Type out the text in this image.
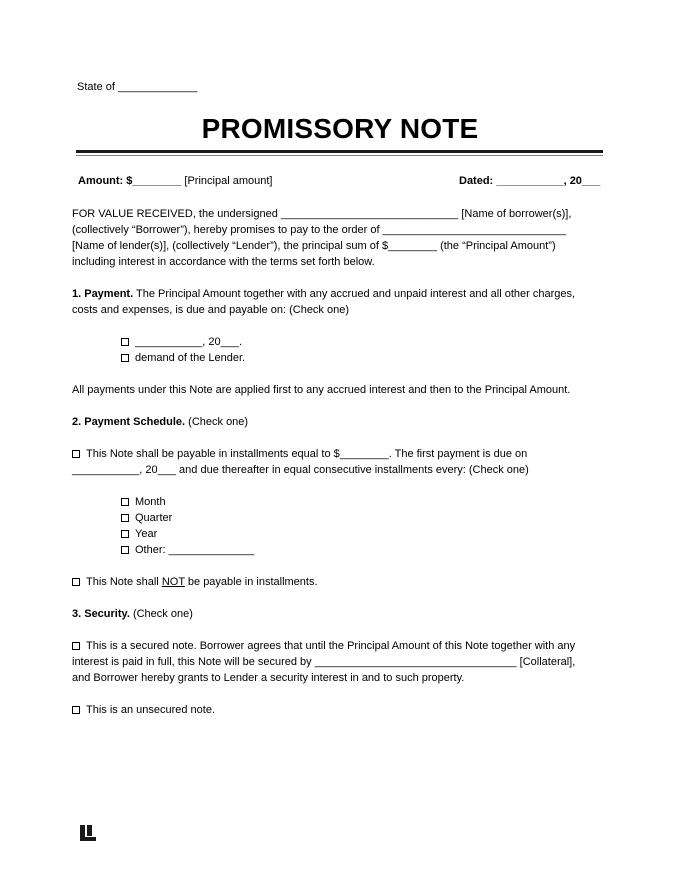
State of _____________
PROMISSORY NOTE
Amount: $________ [Principal amount]	Dated: ___________, 20___
FOR VALUE RECEIVED, the undersigned _____________________________ [Name of borrower(s)],
(collectively “Borrower”), hereby promises to pay to the order of ______________________________
[Name of lender(s)], (collectively “Lender”), the principal sum of $________ (the “Principal Amount”)
including interest in accordance with the terms set forth below.
1. Payment. The Principal Amount together with any accrued and unpaid interest and all other charges,
costs and expenses, is due and payable on: (Check one)
___________, 20___.
demand of the Lender.
All payments under this Note are applied first to any accrued interest and then to the Principal Amount.
2. Payment Schedule. (Check one)
This Note shall be payable in installments equal to $________. The first payment is due on
___________, 20___ and due thereafter in equal consecutive installments every: (Check one)
Month
Quarter
Year
Other: ______________
This Note shall NOT be payable in installments.
3. Security. (Check one)
This is a secured note. Borrower agrees that until the Principal Amount of this Note together with any
interest is paid in full, this Note will be secured by _________________________________ [Collateral],
and Borrower hereby grants to Lender a security interest in and to such property.
This is an unsecured note.
